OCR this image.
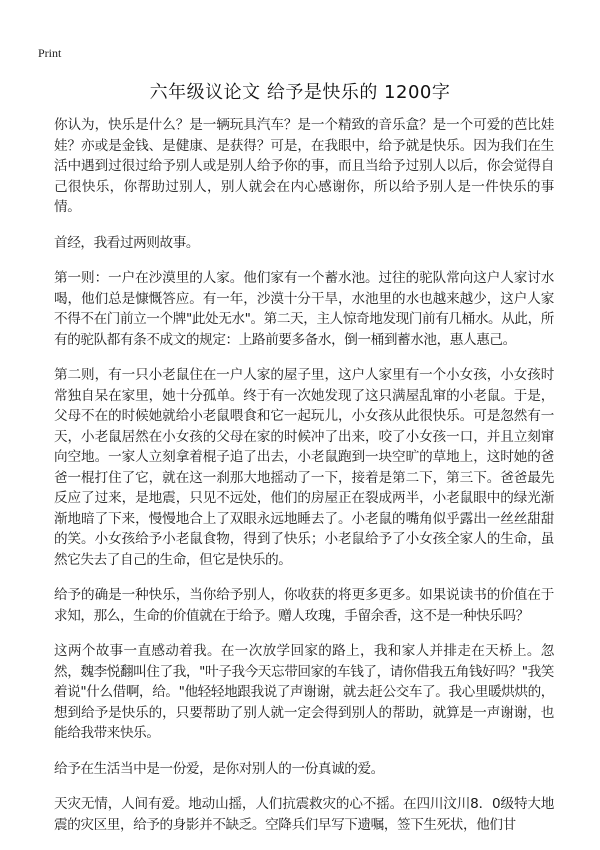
Print
六年级议论文 给予是快乐的 1200字

你认为，快乐是什么？是一辆玩具汽车？是一个精致的音乐盒？是一个可爱的芭比娃娃？亦或是金钱、是健康、是获得？可是，在我眼中，给予就是快乐。因为我们在生活中遇到过很过给予别人或是别人给予你的事，而且当给予过别人以后，你会觉得自己很快乐，你帮助过别人，别人就会在内心感谢你，所以给予别人是一件快乐的事情。

首经，我看过两则故事。

第一则：一户在沙漠里的人家。他们家有一个蓄水池。过往的驼队常向这户人家讨水喝，他们总是慷慨答应。有一年，沙漠十分干旱，水池里的水也越来越少，这户人家不得不在门前立一个牌"此处无水"。第二天，主人惊奇地发现门前有几桶水。从此，所有的驼队都有条不成文的规定：上路前要多备水，倒一桶到蓄水池，惠人惠己。

第二则，有一只小老鼠住在一户人家的屋子里，这户人家里有一个小女孩，小女孩时常独自呆在家里，她十分孤单。终于有一次她发现了这只满屋乱窜的小老鼠。于是，父母不在的时候她就给小老鼠喂食和它一起玩儿，小女孩从此很快乐。可是忽然有一天，小老鼠居然在小女孩的父母在家的时候冲了出来，咬了小女孩一口，并且立刻窜向空地。一家人立刻拿着棍子追了出去，小老鼠跑到一块空旷的草地上，这时她的爸爸一棍打住了它，就在这一刹那大地摇动了一下，接着是第二下，第三下。爸爸最先反应了过来，是地震，只见不远处，他们的房屋正在裂成两半，小老鼠眼中的绿光渐渐地暗了下来，慢慢地合上了双眼永远地睡去了。小老鼠的嘴角似乎露出一丝丝甜甜的笑。小女孩给予小老鼠食物，得到了快乐；小老鼠给予了小女孩全家人的生命，虽然它失去了自己的生命，但它是快乐的。

给予的确是一种快乐，当你给予别人，你收获的将更多更多。如果说读书的价值在于求知，那么，生命的价值就在于给予。赠人玫瑰，手留余香，这不是一种快乐吗？

这两个故事一直感动着我。在一次放学回家的路上，我和家人并排走在天桥上。忽然，魏李悦翻叫住了我，"叶子我今天忘带回家的车钱了，请你借我五角钱好吗？"我笑着说"什么借啊，给。"他轻轻地跟我说了声谢谢，就去赶公交车了。我心里暖烘烘的，想到给予是快乐的，只要帮助了别人就一定会得到别人的帮助，就算是一声谢谢，也能给我带来快乐。

给予在生活当中是一份爱，是你对别人的一份真诚的爱。

天灾无情，人间有爱。地动山摇，人们抗震救灾的心不摇。在四川汶川8．0级特大地震的灾区里，给予的身影并不缺乏。空降兵们早写下遗嘱，签下生死状，他们甘
